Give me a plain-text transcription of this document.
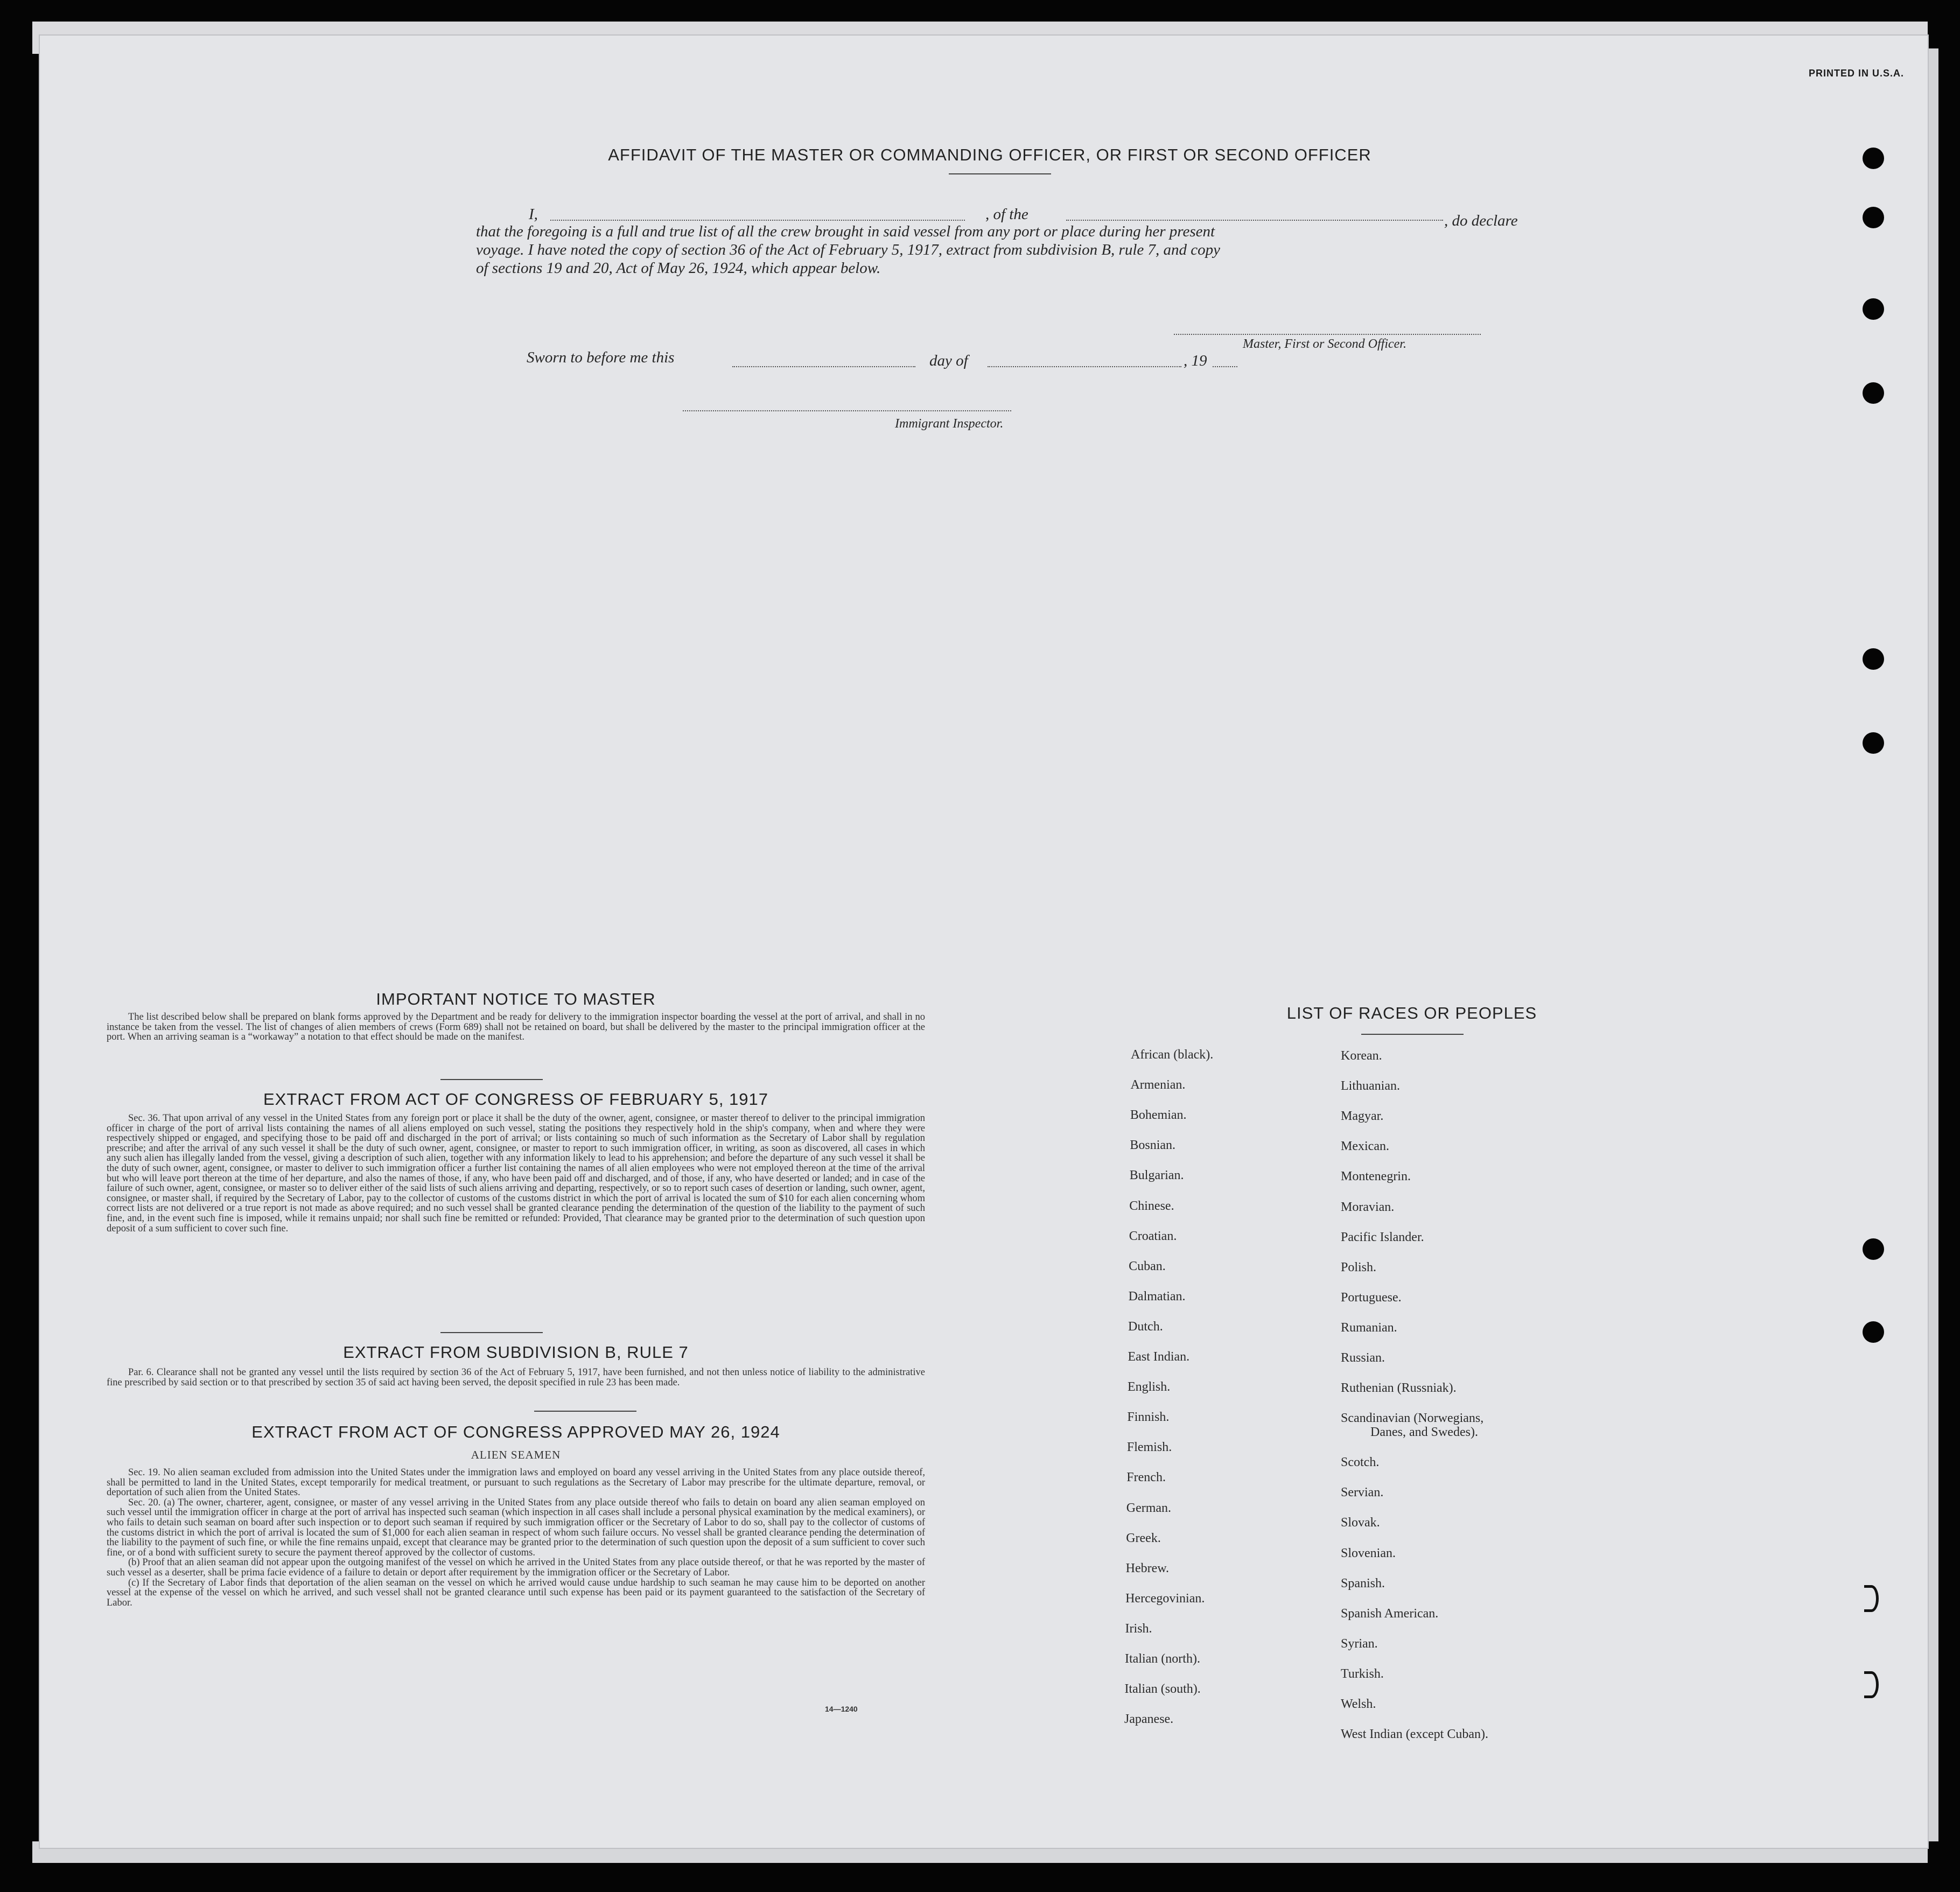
PRINTED IN U.S.A.
AFFIDAVIT OF THE MASTER OR COMMANDING OFFICER, OR FIRST OR SECOND OFFICER
I,	, of the	, do declare
that the foregoing is a full and true list of all the crew brought in said vessel from any port or place during her present
voyage. I have noted the copy of section 36 of the Act of February 5, 1917, extract from subdivision B, rule 7, and copy
of sections 19 and 20, Act of May 26, 1924, which appear below.
Master, First or Second Officer.
Sworn to before me this	day of	, 19
Immigrant Inspector.
IMPORTANT NOTICE TO MASTER

The list described below shall be prepared on blank forms approved by the Department and be ready for delivery to the immigration inspector boarding the vessel at the port of arrival, and shall in no instance be taken from the vessel. The list of changes of alien members of crews (Form 689) shall not be retained on board, but shall be delivered by the master to the principal immigration officer at the port. When an arriving seaman is a “workaway” a notation to that effect should be made on the manifest.

EXTRACT FROM ACT OF CONGRESS OF FEBRUARY 5, 1917

Sec. 36. That upon arrival of any vessel in the United States from any foreign port or place it shall be the duty of the owner, agent, consignee, or master thereof to deliver to the principal immigration officer in charge of the port of arrival lists containing the names of all aliens employed on such vessel, stating the positions they respectively hold in the ship's company, when and where they were respectively shipped or engaged, and specifying those to be paid off and discharged in the port of arrival; or lists containing so much of such information as the Secretary of Labor shall by regulation prescribe; and after the arrival of any such vessel it shall be the duty of such owner, agent, consignee, or master to report to such immigration officer, in writing, as soon as discovered, all cases in which any such alien has illegally landed from the vessel, giving a description of such alien, together with any information likely to lead to his apprehension; and before the departure of any such vessel it shall be the duty of such owner, agent, consignee, or master to deliver to such immigration officer a further list containing the names of all alien employees who were not employed thereon at the time of the arrival but who will leave port thereon at the time of her departure, and also the names of those, if any, who have been paid off and discharged, and of those, if any, who have deserted or landed; and in case of the failure of such owner, agent, consignee, or master so to deliver either of the said lists of such aliens arriving and departing, respectively, or so to report such cases of desertion or landing, such owner, agent, consignee, or master shall, if required by the Secretary of Labor, pay to the collector of customs of the customs district in which the port of arrival is located the sum of $10 for each alien concerning whom correct lists are not delivered or a true report is not made as above required; and no such vessel shall be granted clearance pending the determination of the question of the liability to the payment of such fine, and, in the event such fine is imposed, while it remains unpaid; nor shall such fine be remitted or refunded: Provided, That clearance may be granted prior to the determination of such question upon deposit of a sum sufficient to cover such fine.

EXTRACT FROM SUBDIVISION B, RULE 7

Par. 6. Clearance shall not be granted any vessel until the lists required by section 36 of the Act of February 5, 1917, have been furnished, and not then unless notice of liability to the administrative fine prescribed by said section or to that prescribed by section 35 of said act having been served, the deposit specified in rule 23 has been made.

EXTRACT FROM ACT OF CONGRESS APPROVED MAY 26, 1924
ALIEN SEAMEN

Sec. 19. No alien seaman excluded from admission into the United States under the immigration laws and employed on board any vessel arriving in the United States from any place outside thereof, shall be permitted to land in the United States, except temporarily for medical treatment, or pursuant to such regulations as the Secretary of Labor may prescribe for the ultimate departure, removal, or deportation of such alien from the United States.

Sec. 20. (a) The owner, charterer, agent, consignee, or master of any vessel arriving in the United States from any place outside thereof who fails to detain on board any alien seaman employed on such vessel until the immigration officer in charge at the port of arrival has inspected such seaman (which inspection in all cases shall include a personal physical examination by the medical examiners), or who fails to detain such seaman on board after such inspection or to deport such seaman if required by such immigration officer or the Secretary of Labor to do so, shall pay to the collector of customs of the customs district in which the port of arrival is located the sum of $1,000 for each alien seaman in respect of whom such failure occurs. No vessel shall be granted clearance pending the determination of the liability to the payment of such fine, or while the fine remains unpaid, except that clearance may be granted prior to the determination of such question upon the deposit of a sum sufficient to cover such fine, or of a bond with sufficient surety to secure the payment thereof approved by the collector of customs.

(b) Proof that an alien seaman did not appear upon the outgoing manifest of the vessel on which he arrived in the United States from any place outside thereof, or that he was reported by the master of such vessel as a deserter, shall be prima facie evidence of a failure to detain or deport after requirement by the immigration officer or the Secretary of Labor.

(c) If the Secretary of Labor finds that deportation of the alien seaman on the vessel on which he arrived would cause undue hardship to such seaman he may cause him to be deported on another vessel at the expense of the vessel on which he arrived, and such vessel shall not be granted clearance until such expense has been paid or its payment guaranteed to the satisfaction of the Secretary of Labor.

14—1240
LIST OF RACES OR PEOPLES
African (black).
Armenian.
Bohemian.
Bosnian.
Bulgarian.
Chinese.
Croatian.
Cuban.
Dalmatian.
Dutch.
East Indian.
English.
Finnish.
Flemish.
French.
German.
Greek.
Hebrew.
Hercegovinian.
Irish.
Italian (north).
Italian (south).
Japanese.
Korean.
Lithuanian.
Magyar.
Mexican.
Montenegrin.
Moravian.
Pacific Islander.
Polish.
Portuguese.
Rumanian.
Russian.
Ruthenian (Russniak).
Scandinavian (Norwegians,
Danes, and Swedes).
Scotch.
Servian.
Slovak.
Slovenian.
Spanish.
Spanish American.
Syrian.
Turkish.
Welsh.
West Indian (except Cuban).
